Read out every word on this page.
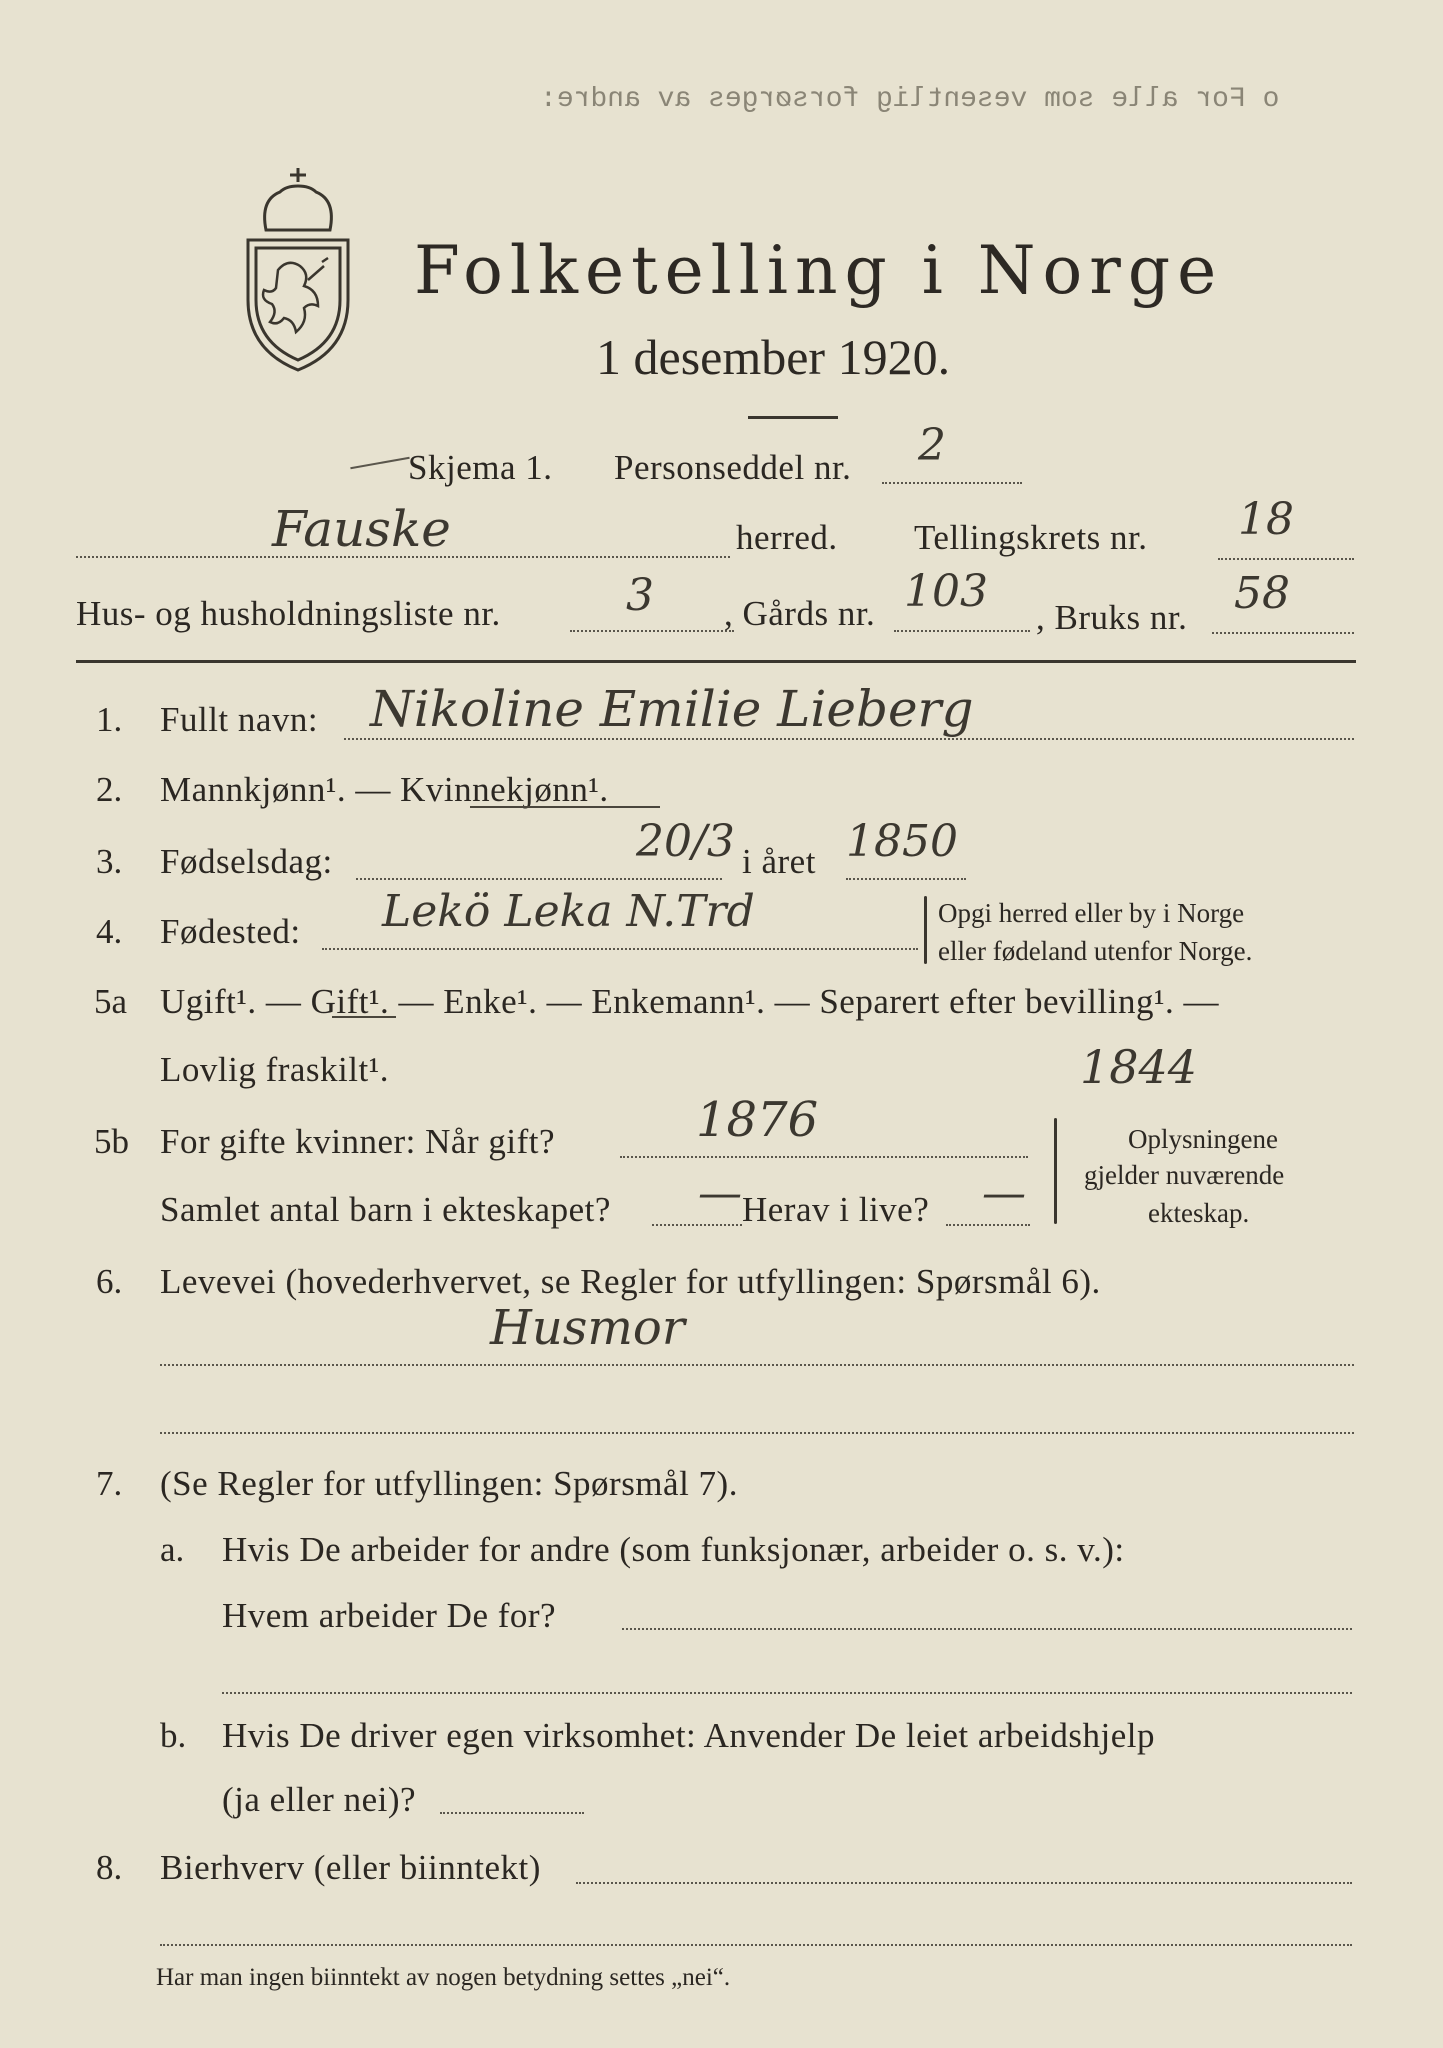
o For alle som vesentlig forsørges av andre:
Folketelling i Norge
1 desember 1920.
Skjema 1. Personseddel nr. 2
Fauske	herred. Tellingskrets nr. 18
Hus- og husholdningsliste nr.	3 , Gårds nr. 103
, Bruks nr. 58
1. Fullt navn: Nikoline Emilie Lieberg
2. Mannkjønn¹. — Kvinnekjønn¹.
3. Fødselsdag:	20/3 i året 1850
4. Fødested: Lekö Leka N.Trd	Opgi herred eller by i Norge
eller fødeland utenfor Norge.
5a Ugift¹. — Gift¹. — Enke¹. — Enkemann¹. — Separert efter bevilling¹. —
Lovlig fraskilt¹.	1844
5b For gifte kvinner: Når gift?	1876
Samlet antal barn i ekteskapet? — Herav i live? —
Oplysningene
gjelder nuværende
ekteskap.
6. Levevei (hovederhvervet, se Regler for utfyllingen: Spørsmål 6).
Husmor
7. (Se Regler for utfyllingen: Spørsmål 7).
a. Hvis De arbeider for andre (som funksjonær, arbeider o. s. v.):
Hvem arbeider De for?
b. Hvis De driver egen virksomhet: Anvender De leiet arbeidshjelp
(ja eller nei)?
8. Bierhverv (eller biinntekt)
Har man ingen biinntekt av nogen betydning settes „nei“.
